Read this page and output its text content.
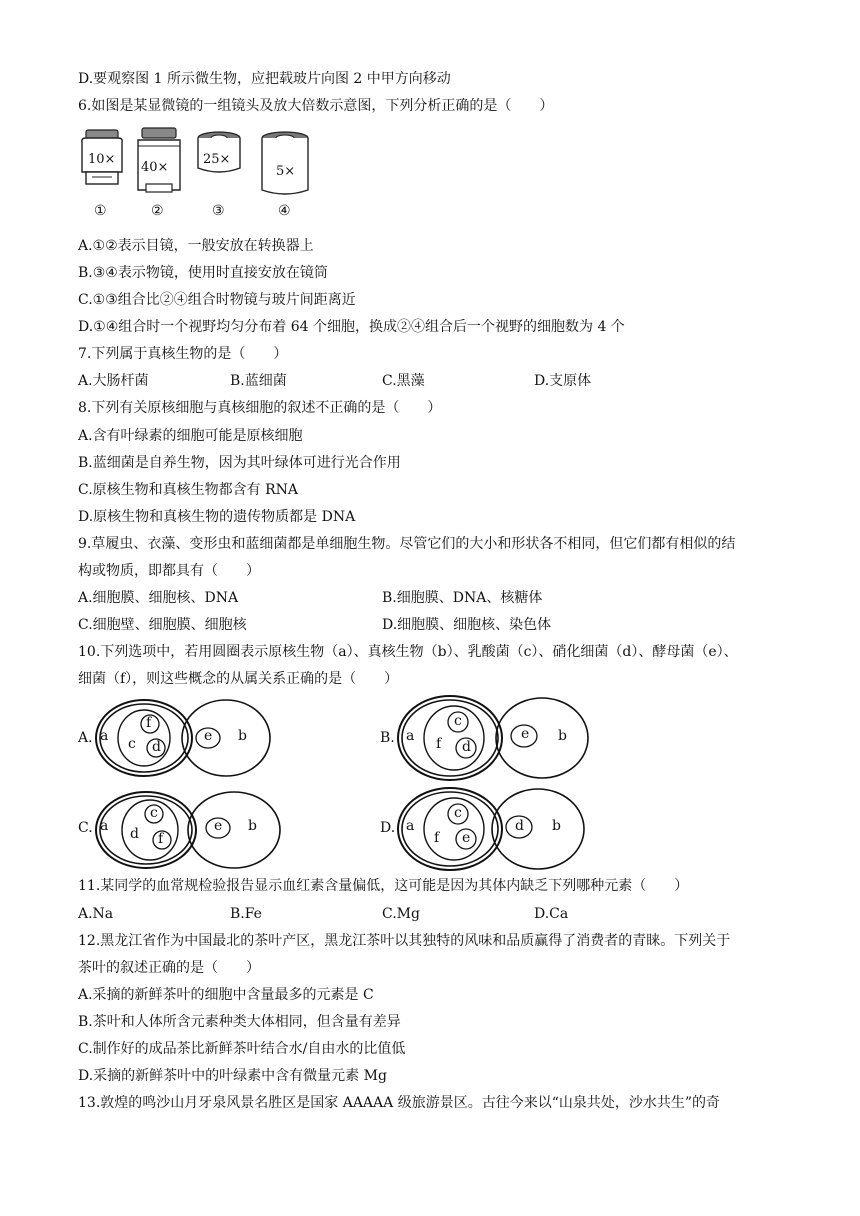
D.要观察图 1 所示微生物，应把载玻片向图 2 中甲方向移动
6.如图是某显微镜的一组镜头及放大倍数示意图，下列分析正确的是（　　）
10×
①
40×
②
25×
③
5×
④
A.①②表示目镜，一般安放在转换器上
B.③④表示物镜，使用时直接安放在镜筒
C.①③组合比②④组合时物镜与玻片间距离近
D.①④组合时一个视野均匀分布着 64 个细胞，换成②④组合后一个视野的细胞数为 4 个
7.下列属于真核生物的是（　　）
A.大肠杆菌	B.蓝细菌	C.黑藻	D.支原体
8.下列有关原核细胞与真核细胞的叙述不正确的是（　　）
A.含有叶绿素的细胞可能是原核细胞
B.蓝细菌是自养生物，因为其叶绿体可进行光合作用
C.原核生物和真核生物都含有 RNA
D.原核生物和真核生物的遗传物质都是 DNA
9.草履虫、衣藻、变形虫和蓝细菌都是单细胞生物。尽管它们的大小和形状各不相同，但它们都有相似的结
构或物质，即都具有（　　）
A.细胞膜、细胞核、DNA	B.细胞膜、DNA、核糖体
C.细胞壁、细胞膜、细胞核	D.细胞膜、细胞核、染色体
10.下列选项中，若用圆圈表示原核生物（a）、真核生物（b）、乳酸菌（c）、硝化细菌（d）、酵母菌（e）、
细菌（f），则这些概念的从属关系正确的是（　　）
A. a c
f
d
e b	B. a f
c
d
e b
C. a d
c
f
e b	D. a
f
c
e
d b
11.某同学的血常规检验报告显示血红素含量偏低，这可能是因为其体内缺乏下列哪种元素（　　）
A.Na	B.Fe	C.Mg	D.Ca
12.黑龙江省作为中国最北的茶叶产区，黑龙江茶叶以其独特的风味和品质赢得了消费者的青睐。下列关于
茶叶的叙述正确的是（　　）
A.采摘的新鲜茶叶的细胞中含量最多的元素是 C
B.茶叶和人体所含元素种类大体相同，但含量有差异
C.制作好的成品茶比新鲜茶叶结合水/自由水的比值低
D.采摘的新鲜茶叶中的叶绿素中含有微量元素 Mg
13.敦煌的鸣沙山月牙泉风景名胜区是国家 AAAAA 级旅游景区。古往今来以“山泉共处，沙水共生”的奇
